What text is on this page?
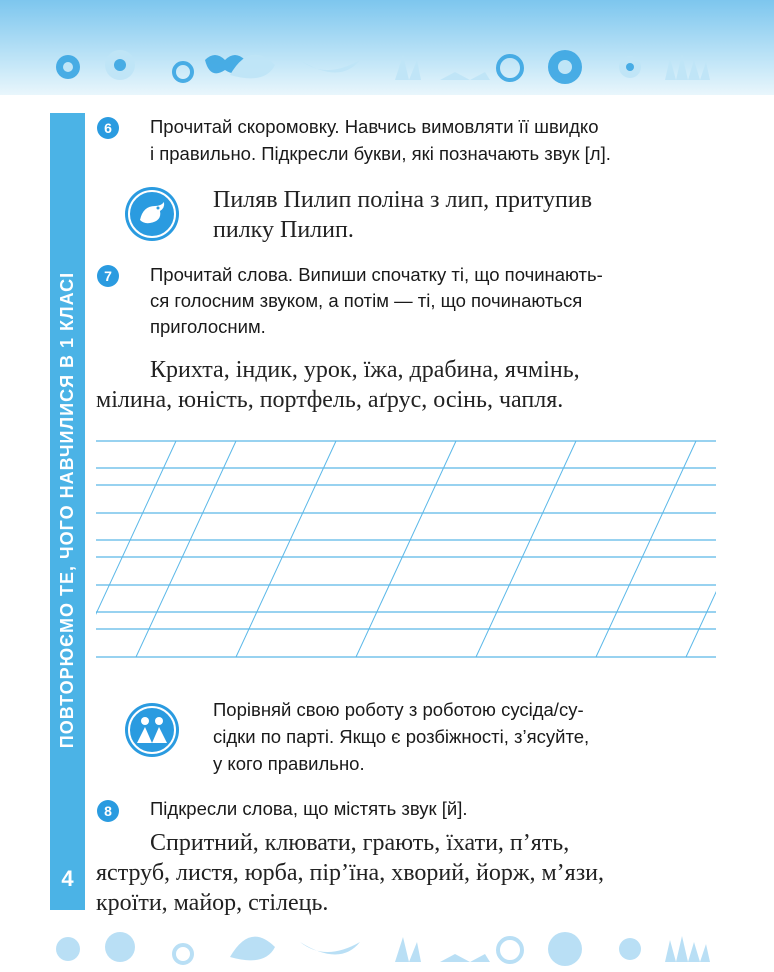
ПОВТОРЮЄМО ТЕ, ЧОГО НАВЧИЛИСЯ В 1 КЛАСІ
4
6	Прочитай скоромовку. Навчись вимовляти її швидко
і правильно. Підкресли букви, які позначають звук [л].
Пиляв Пилип поліна з лип, притупив
пилку Пилип.
7	Прочитай слова. Випиши спочатку ті, що починають-
ся голосним звуком, а потім — ті, що починаються
приголосним.
Крихта, індик, урок, їжа, драбина, ячмінь,
мілина, юність, портфель, аґрус, осінь, чапля.
Порівняй свою роботу з роботою сусіда/су-
сідки по парті. Якщо є розбіжності, з’ясуйте,
у кого правильно.
8	Підкресли слова, що містять звук [й].
Спритний, клювати, грають, їхати, п’ять,
яструб, листя, юрба, пір’їна, хворий, йорж, м’язи,
кроїти, майор, стілець.
